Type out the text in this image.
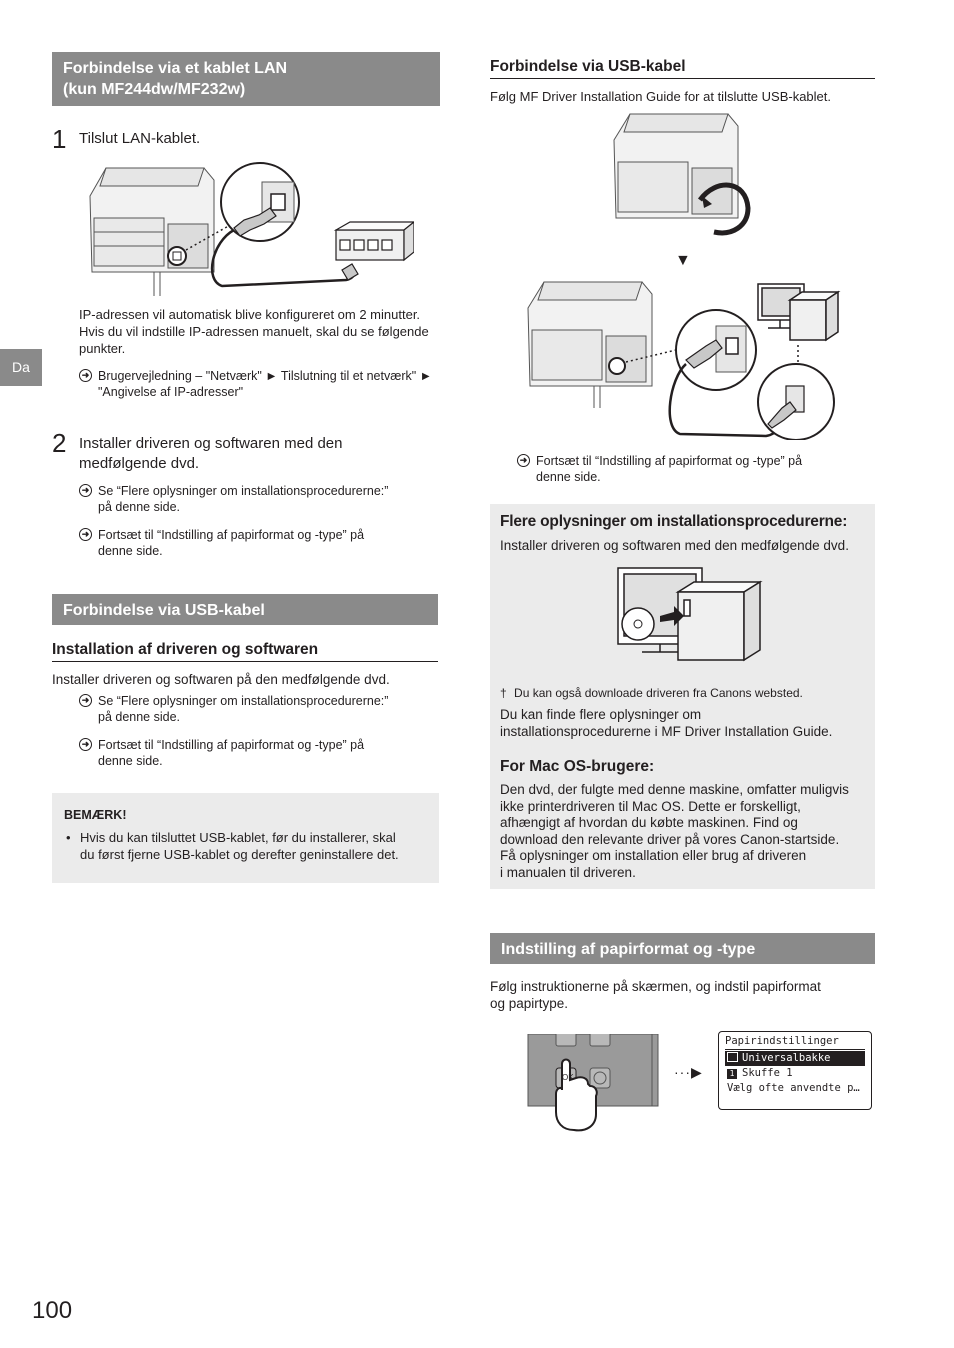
Da
Forbindelse via et kablet LAN
(kun MF244dw/MF232w)
1 Tilslut LAN-kablet.
IP-adressen vil automatisk blive konfigureret om 2 minutter.
Hvis du vil indstille IP-adressen manuelt, skal du se følgende
punkter.
➜ Brugervejledning – "Netværk" ► Tilslutning til et netværk" ►
"Angivelse af IP-adresser"
2 Installer driveren og softwaren med den
medfølgende dvd.
➜ Se “Flere oplysninger om installationsprocedurerne:”
på denne side.
➜ Fortsæt til “Indstilling af papirformat og -type” på
denne side.
Forbindelse via USB-kabel
Installation af driveren og softwaren
Installer driveren og softwaren på den medfølgende dvd.
➜ Se “Flere oplysninger om installationsprocedurerne:”
på denne side.
➜ Fortsæt til “Indstilling af papirformat og -type” på
denne side.
BEMÆRK!
• Hvis du kan tilsluttet USB-kablet, før du installerer, skal
du først fjerne USB-kablet og derefter geninstallere det.
100
Forbindelse via USB-kabel
Følg MF Driver Installation Guide for at tilslutte USB-kablet.
▼
➜ Fortsæt til “Indstilling af papirformat og -type” på
denne side.
Flere oplysninger om installationsprocedurerne:
Installer driveren og softwaren med den medfølgende dvd.
† Du kan også downloade driveren fra Canons websted.
Du kan finde flere oplysninger om
installationsprocedurerne i MF Driver Installation Guide.
For Mac OS-brugere:
Den dvd, der fulgte med denne maskine, omfatter muligvis
ikke printerdriveren til Mac OS. Dette er forskelligt,
afhængigt af hvordan du købte maskinen. Find og
download den relevante driver på vores Canon-startside.
Få oplysninger om installation eller brug af driveren
i manualen til driveren.
Indstilling af papirformat og -type
Følg instruktionerne på skærmen, og indstil papirformat
og papirtype.
OK	···▶
Papirindstillinger
Universalbakke
1 Skuffe 1
Vælg ofte anvendte p…
